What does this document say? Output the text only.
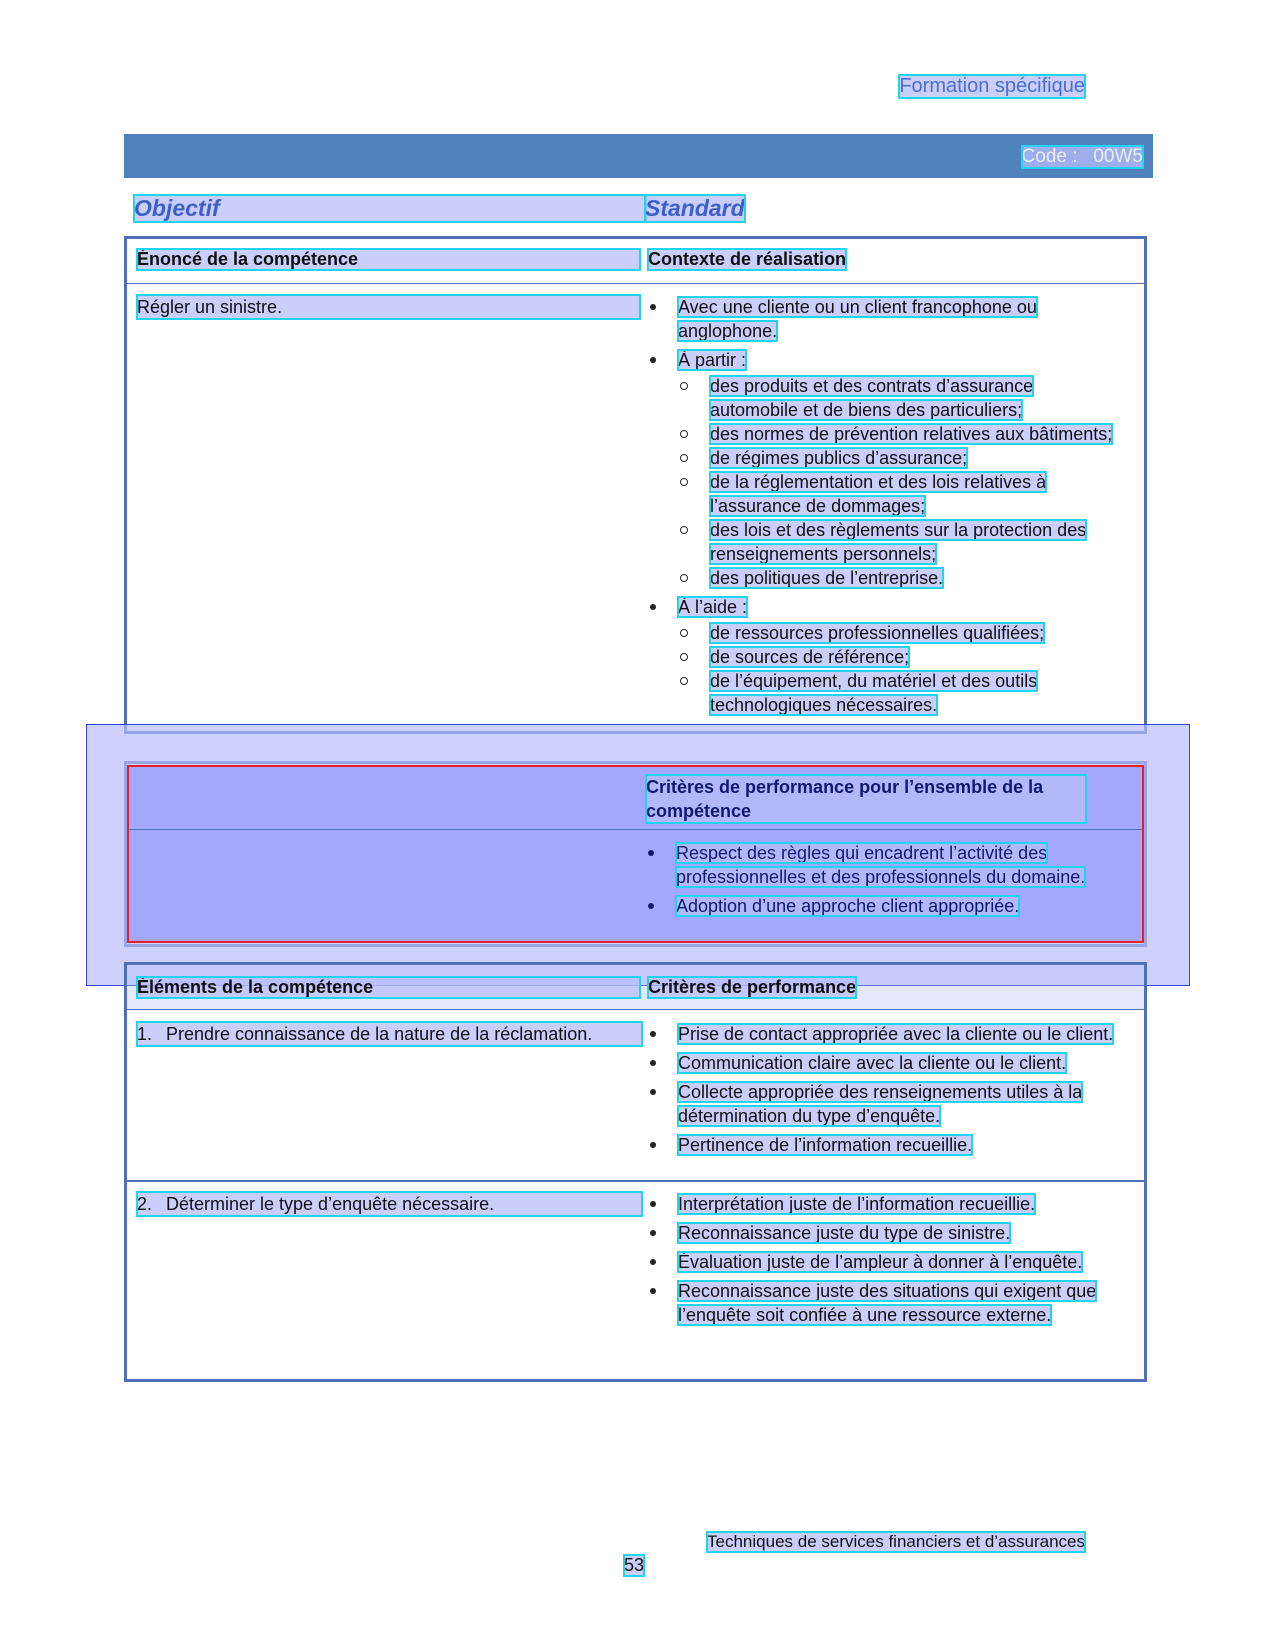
Formation spécifique
Code : 00W5
Objectif	Standard
Énoncé de la compétence	Contexte de réalisation
Régler un sinistre.	Avec une cliente ou un client francophone ou anglophone.
À partir :
des produits et des contrats d’assurance automobile et de biens des particuliers;
des normes de prévention relatives aux bâtiments;
de régimes publics d’assurance;
de la réglementation et des lois relatives à l’assurance de dommages;
des lois et des règlements sur la protection des renseignements personnels;
des politiques de l’entreprise.
À l’aide :
de ressources professionnelles qualifiées;
de sources de référence;
de l’équipement, du matériel et des outils technologiques nécessaires.
Critères de performance pour l’ensemble de la compétence
Respect des règles qui encadrent l’activité des professionnelles et des professionnels du domaine.
Adoption d’une approche client appropriée.
Éléments de la compétence	Critères de performance
1. Prendre connaissance de la nature de la réclamation.	Prise de contact appropriée avec la cliente ou le client.
Communication claire avec la cliente ou le client.
Collecte appropriée des renseignements utiles à la détermination du type d’enquête.
Pertinence de l’information recueillie.
2. Déterminer le type d’enquête nécessaire.	Interprétation juste de l’information recueillie.
Reconnaissance juste du type de sinistre.
Évaluation juste de l’ampleur à donner à l’enquête.
Reconnaissance juste des situations qui exigent que l’enquête soit confiée à une ressource externe.
Techniques de services financiers et d’assurances
53
